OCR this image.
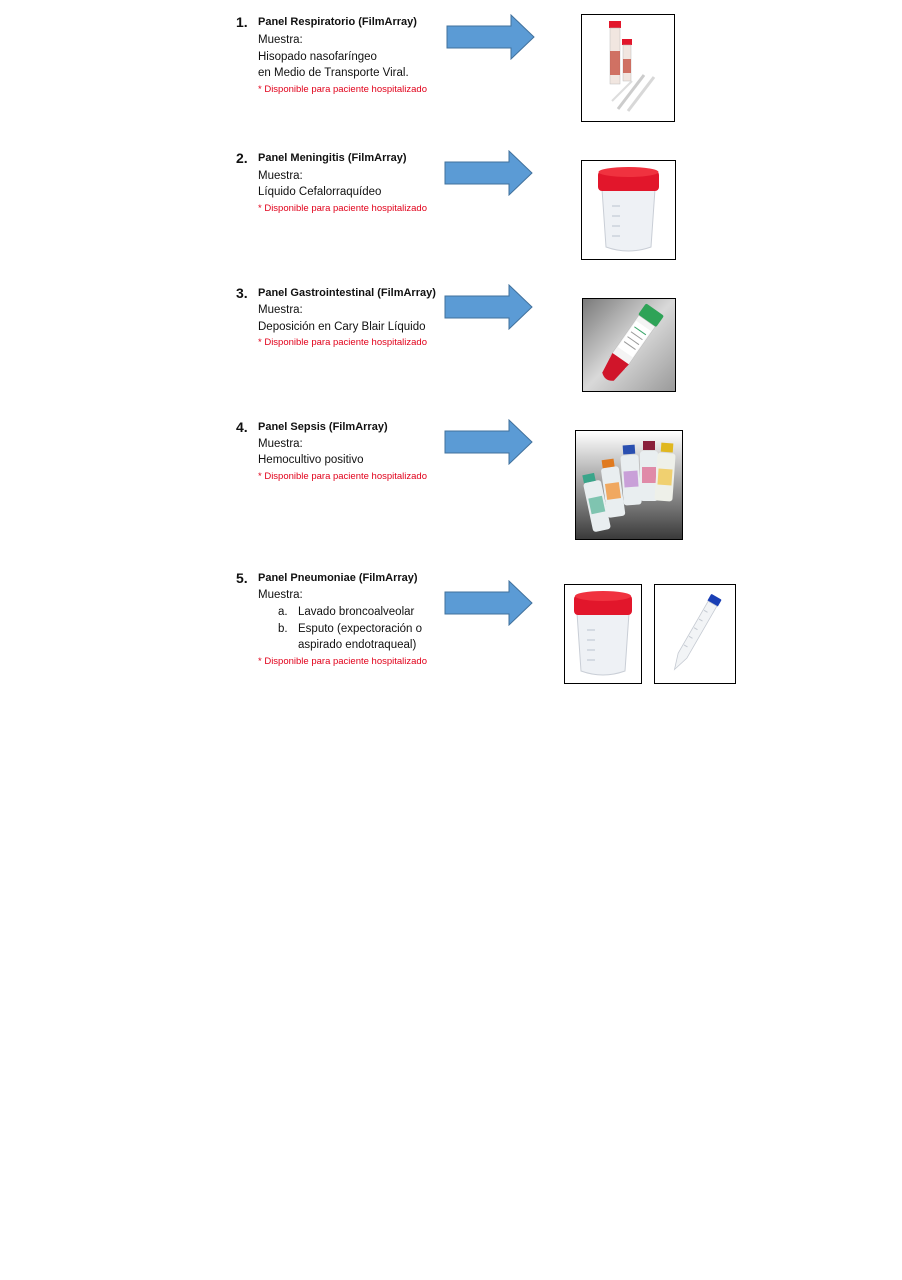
1. Panel Respiratorio (FilmArray)
Muestra:
Hisopado nasofaríngeo
en Medio de Transporte Viral.
* Disponible para paciente hospitalizado
2. Panel Meningitis (FilmArray)
Muestra:
Líquido Cefalorraquídeo
* Disponible para paciente hospitalizado
3. Panel Gastrointestinal (FilmArray)
Muestra:
Deposición en Cary Blair Líquido
* Disponible para paciente hospitalizado
4. Panel Sepsis (FilmArray)
Muestra:
Hemocultivo positivo
* Disponible para paciente hospitalizado
5. Panel Pneumoniae (FilmArray)
Muestra:
a. Lavado broncoalveolar
b. Esputo (expectoración o
aspirado endotraqueal)
* Disponible para paciente hospitalizado
